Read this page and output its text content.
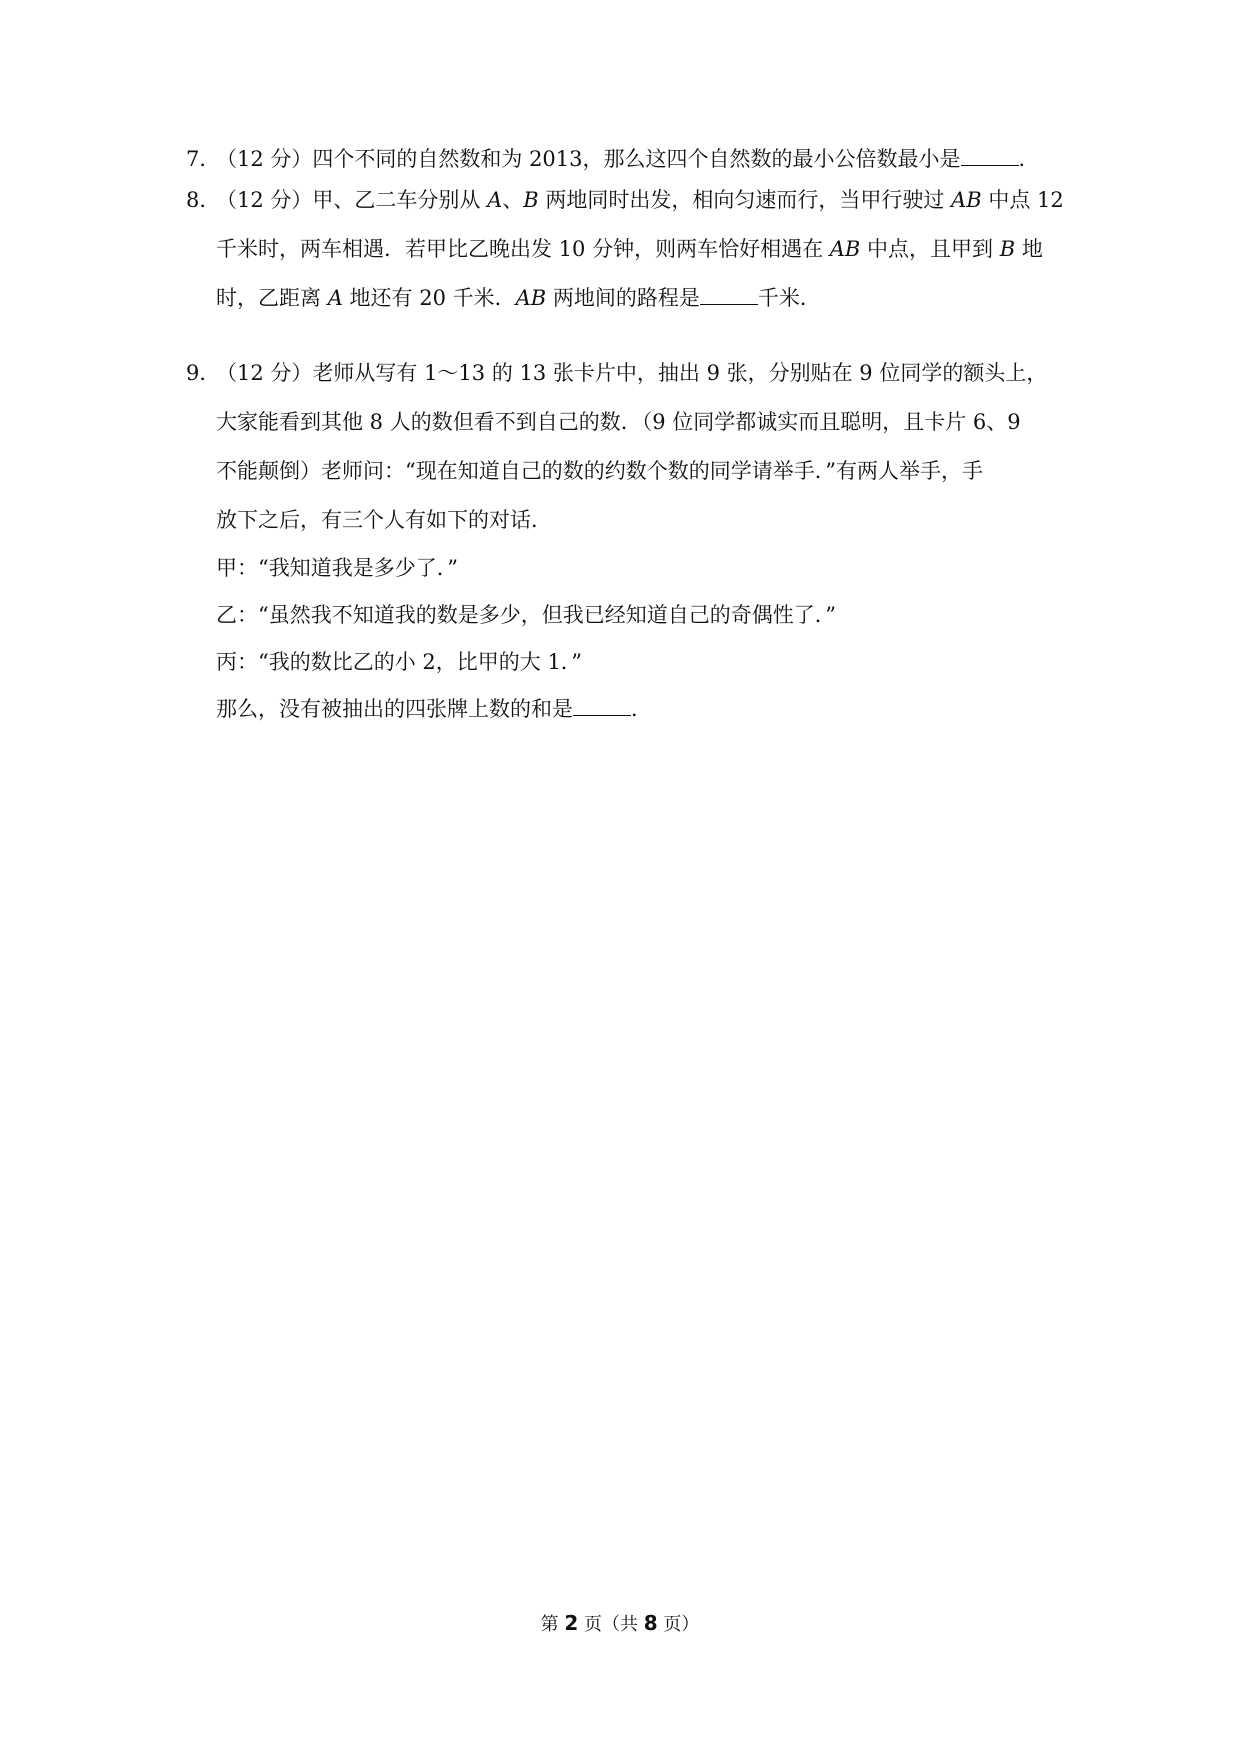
7．
（12 分）四个不同的自然数和为 2013，那么这四个自然数的最小公倍数最小是	．
8．
（12 分）甲、乙二车分别从 A、B 两地同时出发，相向匀速而行，当甲行驶过 AB 中点 12
千米时，两车相遇．若甲比乙晚出发 10 分钟，则两车恰好相遇在 AB 中点，且甲到 B 地
时，乙距离 A 地还有 20 千米．AB 两地间的路程是	千米．
9．
（12 分）老师从写有 1～13 的 13 张卡片中，抽出 9 张，分别贴在 9 位同学的额头上，
大家能看到其他 8 人的数但看不到自己的数．（9 位同学都诚实而且聪明，且卡片 6、9
不能颠倒）老师问：“现在知道自己的数的约数个数的同学请举手．”有两人举手，手
放下之后，有三个人有如下的对话．
甲：“我知道我是多少了．”
乙：“虽然我不知道我的数是多少，但我已经知道自己的奇偶性了．”
丙：“我的数比乙的小 2，比甲的大 1．”
那么，没有被抽出的四张牌上数的和是	．
第 2 页（共 8 页）
